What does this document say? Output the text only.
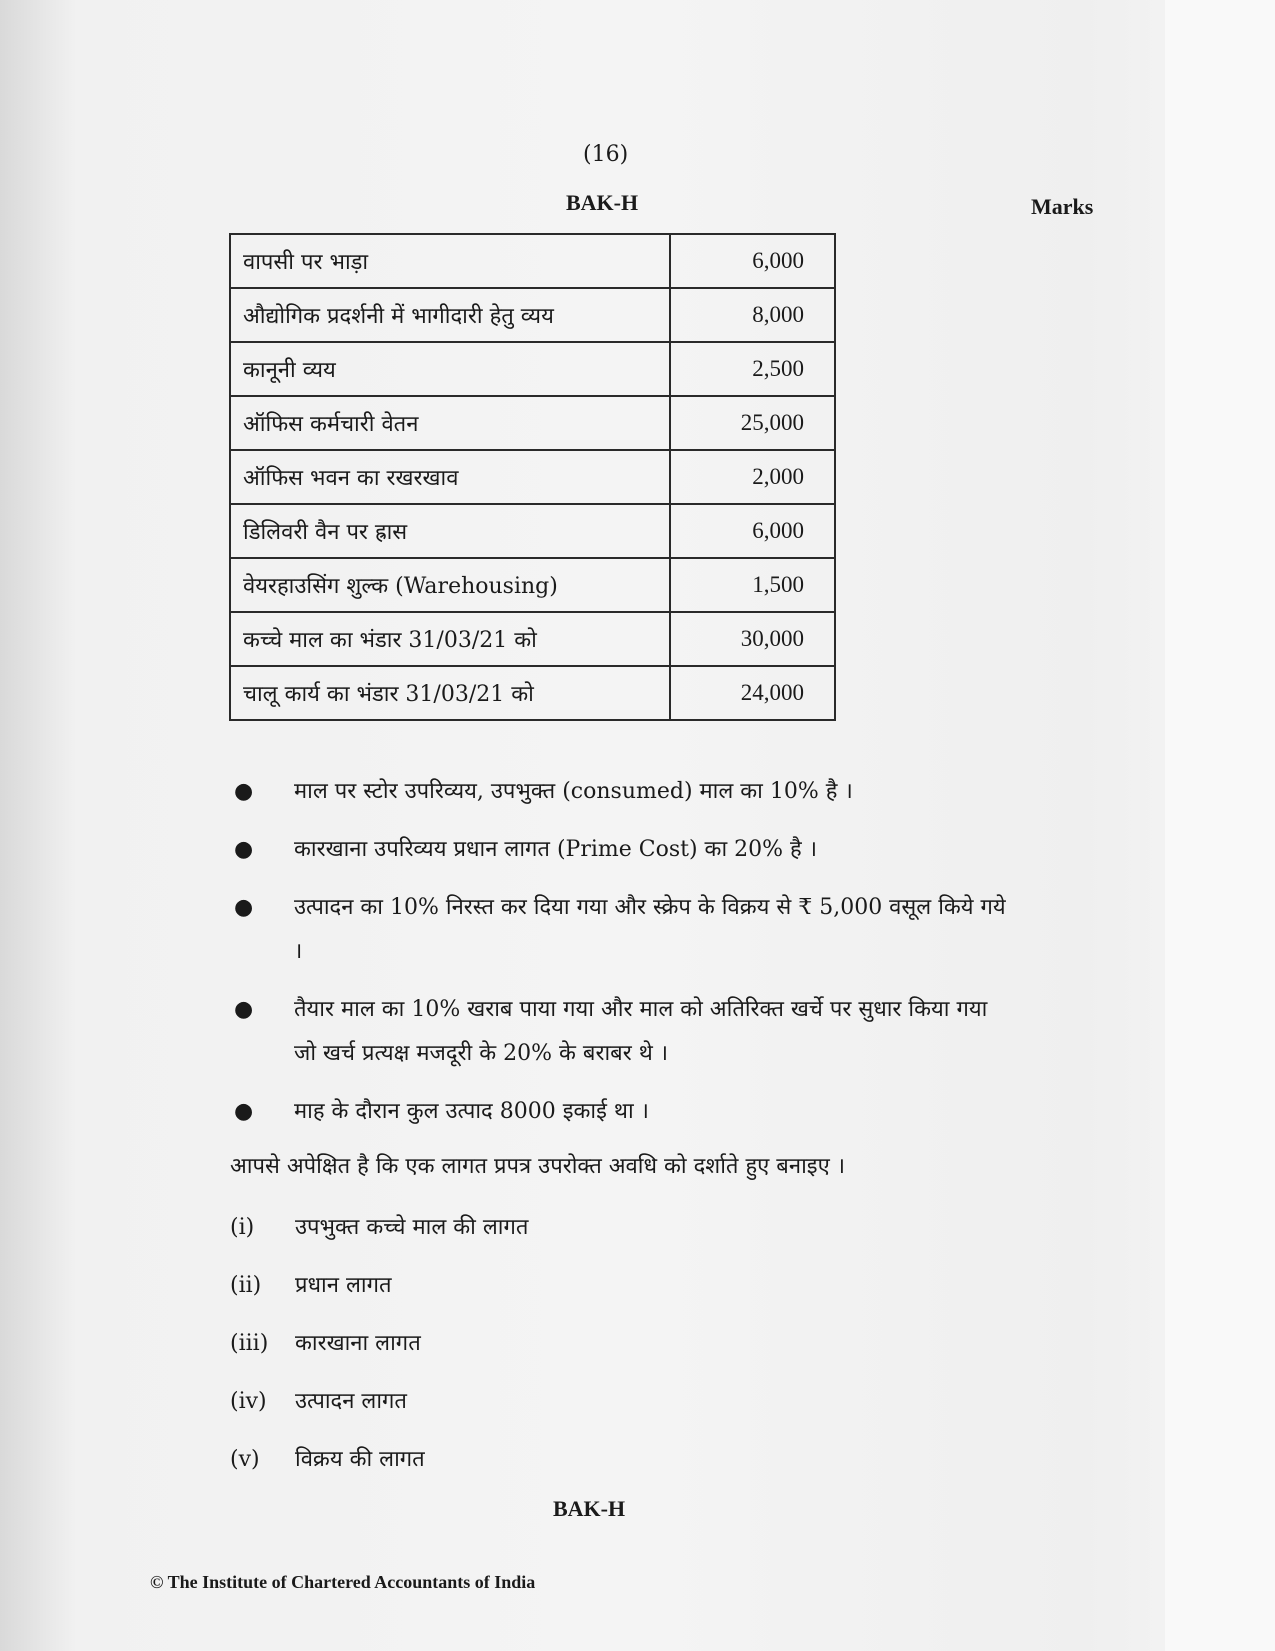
(16)
BAK-H	Marks
वापसी पर भाड़ा	6,000
औद्योगिक प्रदर्शनी में भागीदारी हेतु व्यय	8,000
कानूनी व्यय	2,500
ऑफिस कर्मचारी वेतन	25,000
ऑफिस भवन का रखरखाव	2,000
डिलिवरी वैन पर ह्रास	6,000
वेयरहाउसिंग शुल्क (Warehousing)	1,500
कच्चे माल का भंडार 31/03/21 को	30,000
चालू कार्य का भंडार 31/03/21 को	24,000
● माल पर स्टोर उपरिव्यय, उपभुक्त (consumed) माल का 10% है ।
● कारखाना उपरिव्यय प्रधान लागत (Prime Cost) का 20% है ।
● उत्पादन का 10% निरस्त कर दिया गया और स्क्रेप के विक्रय से ₹ 5,000 वसूल किये गये ।
● तैयार माल का 10% खराब पाया गया और माल को अतिरिक्त खर्चे पर सुधार किया गया जो खर्च प्रत्यक्ष मजदूरी के 20% के बराबर थे ।
● माह के दौरान कुल उत्पाद 8000 इकाई था ।
आपसे अपेक्षित है कि एक लागत प्रपत्र उपरोक्त अवधि को दर्शाते हुए बनाइए ।
(i) उपभुक्त कच्चे माल की लागत
(ii) प्रधान लागत
(iii) कारखाना लागत
(iv) उत्पादन लागत
(v) विक्रय की लागत
BAK-H
© The Institute of Chartered Accountants of India
